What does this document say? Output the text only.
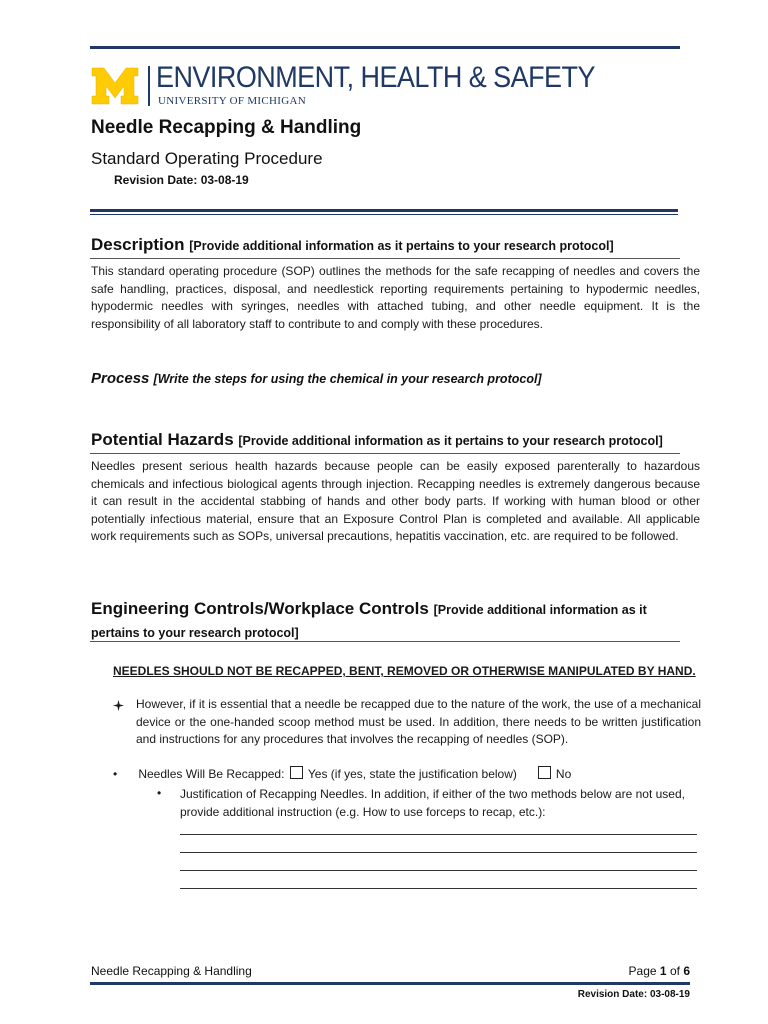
ENVIRONMENT, HEALTH & SAFETY
UNIVERSITY OF MICHIGAN
Needle Recapping & Handling
Standard Operating Procedure
Revision Date: 03-08-19
Description [Provide additional information as it pertains to your research protocol]
This standard operating procedure (SOP) outlines the methods for the safe recapping of needles and covers the safe handling, practices, disposal, and needlestick reporting requirements pertaining to hypodermic needles, hypodermic needles with syringes, needles with attached tubing, and other needle equipment. It is the responsibility of all laboratory staff to contribute to and comply with these procedures.
Process [Write the steps for using the chemical in your research protocol]
Potential Hazards [Provide additional information as it pertains to your research protocol]
Needles present serious health hazards because people can be easily exposed parenterally to hazardous chemicals and infectious biological agents through injection. Recapping needles is extremely dangerous because it can result in the accidental stabbing of hands and other body parts. If working with human blood or other potentially infectious material, ensure that an Exposure Control Plan is completed and available. All applicable work requirements such as SOPs, universal precautions, hepatitis vaccination, etc. are required to be followed.
Engineering Controls/Workplace Controls [Provide additional information as it
pertains to your research protocol]
NEEDLES SHOULD NOT BE RECAPPED, BENT, REMOVED OR OTHERWISE MANIPULATED BY HAND.
However, if it is essential that a needle be recapped due to the nature of the work, the use of a mechanical device or the one-handed scoop method must be used. In addition, there needs to be written justification and instructions for any procedures that involves the recapping of needles (SOP).
• Needles Will Be Recapped: Yes (if yes, state the justification below)	No
• Justification of Recapping Needles. In addition, if either of the two methods below are not used, provide additional instruction (e.g. How to use forceps to recap, etc.):
Needle Recapping & Handling	Page 1 of 6
Revision Date: 03-08-19
